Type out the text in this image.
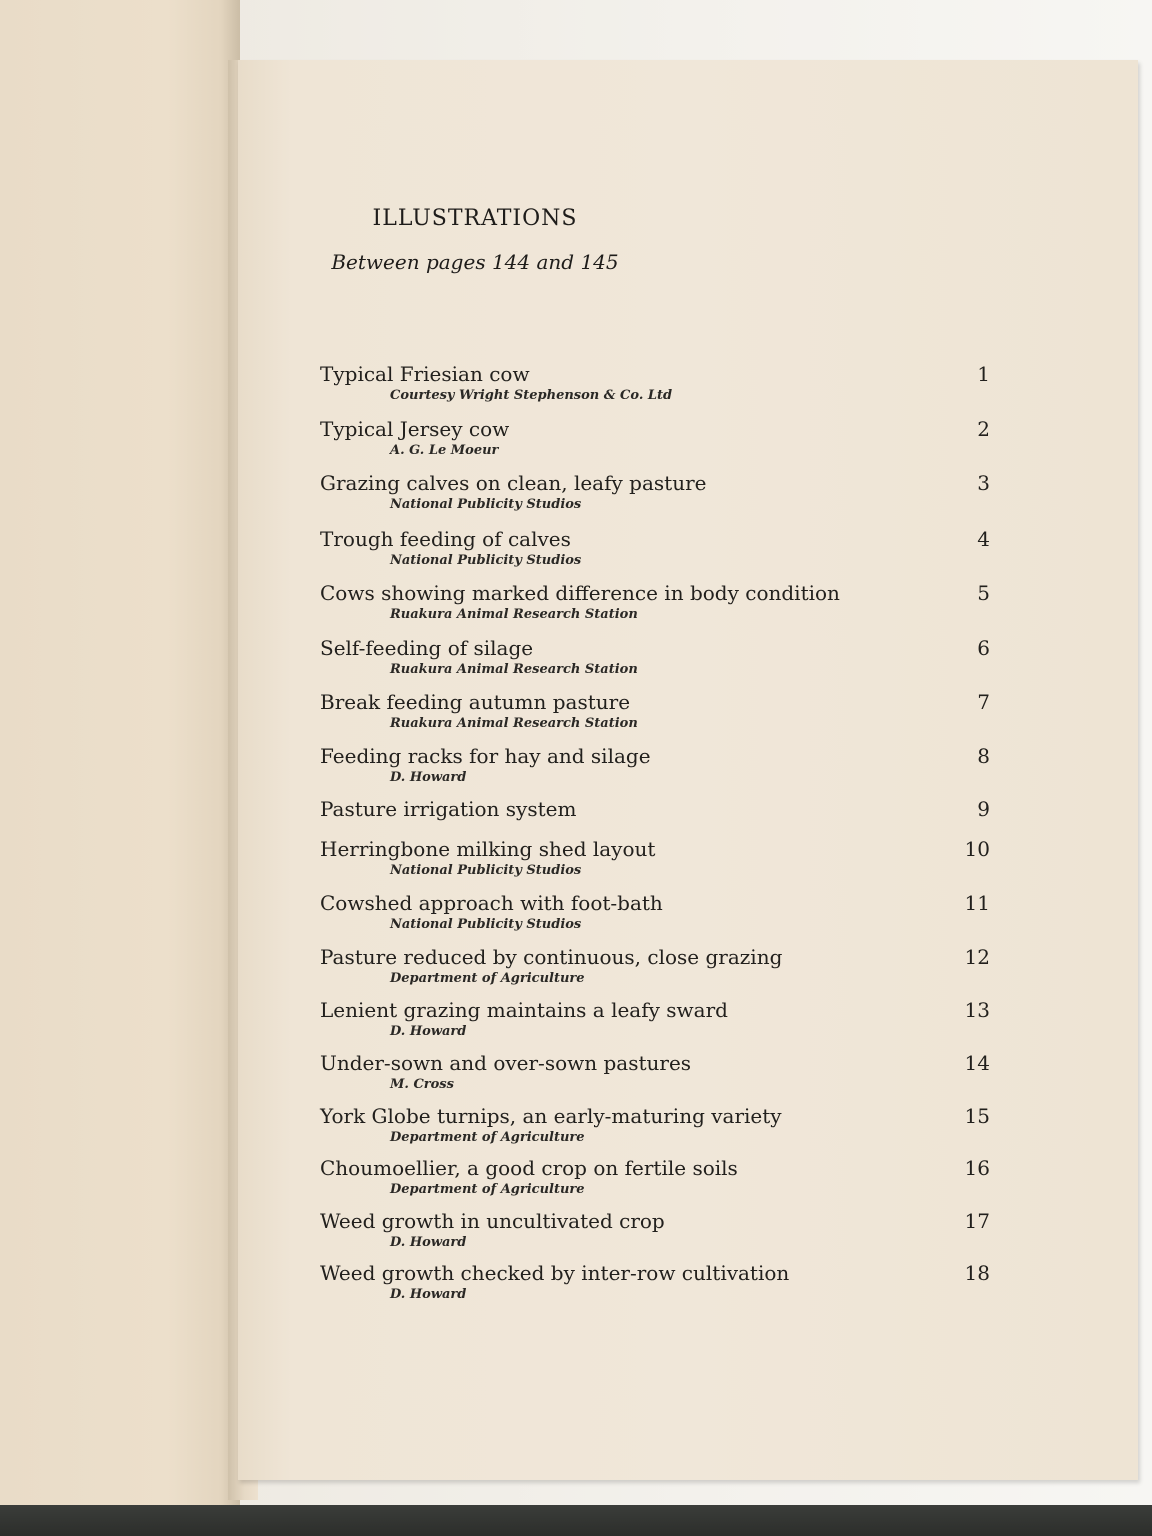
ILLUSTRATIONS
Between pages 144 and 145
Typical Friesian cow
Courtesy Wright Stephenson & Co. Ltd
1
Typical Jersey cow
A. G. Le Moeur
2
Grazing calves on clean, leafy pasture
National Publicity Studios
3
Trough feeding of calves
National Publicity Studios
4
Cows showing marked difference in body condition
Ruakura Animal Research Station
5
Self-feeding of silage
Ruakura Animal Research Station
6
Break feeding autumn pasture
Ruakura Animal Research Station
7
Feeding racks for hay and silage
D. Howard
8
Pasture irrigation system	9
Herringbone milking shed layout
National Publicity Studios
10
Cowshed approach with foot-bath
National Publicity Studios
11
Pasture reduced by continuous, close grazing
Department of Agriculture
12
Lenient grazing maintains a leafy sward
D. Howard
13
Under-sown and over-sown pastures
M. Cross
14
York Globe turnips, an early-maturing variety
Department of Agriculture
15
Choumoellier, a good crop on fertile soils
Department of Agriculture
16
Weed growth in uncultivated crop
D. Howard
17
Weed growth checked by inter-row cultivation
D. Howard
18
